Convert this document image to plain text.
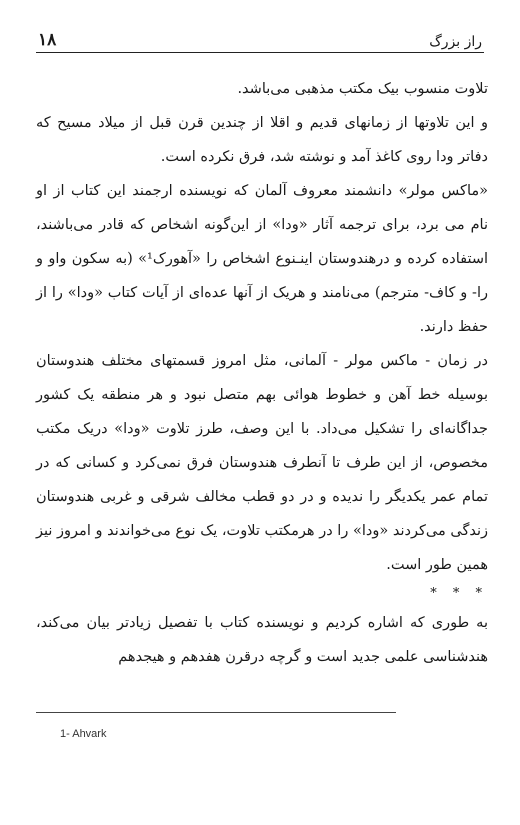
۱۸	راز بزرگ

تلاوت منسوب بیک مکتب مذهبی می‌باشد.

و این تلاوتها از زمانهای قدیم و اقلا از چندین قرن قبل از میلاد مسیح که دفاتر ودا روی کاغذ آمد و نوشته شد، فرق نکرده است.

«ماکس مولر» دانشمند معروف آلمان که نویسنده ارجمند این کتاب از او نام می برد، برای ترجمه آثار «ودا» از این‌گونه اشخاص که قادر می‌باشند، استفاده کرده و درهندوستان اینـنوع اشخاص را «آهورک¹» (به سکون واو و را- و کاف- مترجم) می‌نامند و هریک از آنها عده‌ای از آیات کتاب «ودا» را از حفظ دارند.

در زمان - ماکس مولر - آلمانی، مثل امروز قسمتهای مختلف هندوستان بوسیله خط آهن و خطوط هوائی بهم متصل نبود و هر منطقه یک کشور جداگانه‌ای را تشکیل می‌داد. با این وصف، طرز تلاوت «ودا» دریک مکتب مخصوص، از این طرف تا آنطرف هندوستان فرق نمی‌کرد و کسانی که در تمام عمر یکدیگر را ندیده و در دو قطب مخالف شرقی و غربی هندوستان زندگی می‌کردند «ودا» را در هرمکتب تلاوت، یک نوع می‌خواندند و امروز نیز همین طور است.

* * *

به طوری که اشاره کردیم و نویسنده کتاب با تفصیل زیادتر بیان می‌کند، هندشناسی علمی جدید است و گرچه درقرن هفدهم و هیجدهم

1- Ahvark
